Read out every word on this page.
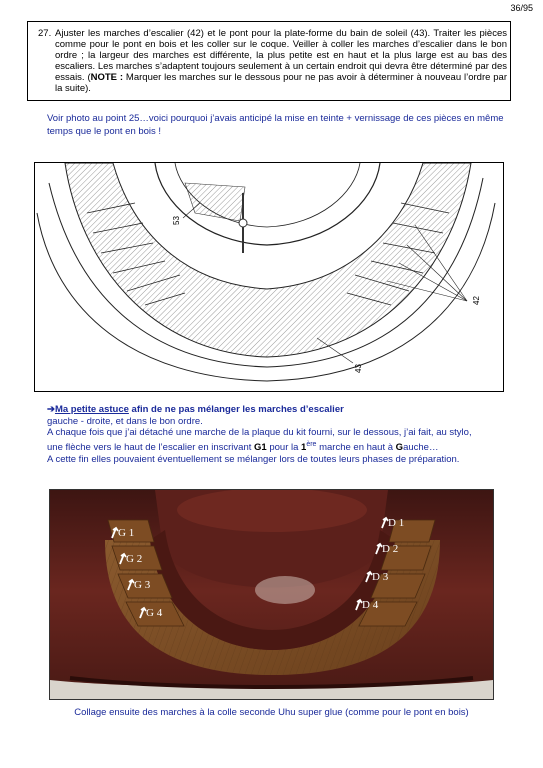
36/95
27. Ajuster les marches d’escalier (42) et le pont pour la plate-forme du bain de soleil (43). Traiter les pièces comme pour le pont en bois et les coller sur le coque. Veiller à coller les marches d’escalier dans le bon ordre ; la largeur des marches est différente, la plus petite est en haut et la plus large est au bas des escaliers. Les marches s’adaptent toujours seulement à un certain endroit qui devra être déterminé par des essais. (NOTE : Marquer les marches sur le dessous pour ne pas avoir à déterminer à nouveau l’ordre par la suite).
Voir photo au point 25…voici pourquoi j’avais anticipé la mise en teinte + vernissage de ces pièces en même temps que le pont en bois !
53
42
43
➔Ma petite astuce afin de ne pas mélanger les marches d’escalier
gauche - droite, et dans le bon ordre.
A chaque fois que j’ai détaché une marche de la plaque du kit fourni, sur le dessous, j’ai fait, au stylo,
une flèche vers le haut de l’escalier en inscrivant G1 pour la 1ère marche en haut à Gauche…
A cette fin elles pouvaient éventuellement se mélanger lors de toutes leurs phases de préparation.
G 1
G 2
G 3
G 4
D 1
D 2
D 3
D 4
Collage ensuite des marches à la colle seconde Uhu super glue (comme pour le pont en bois)
